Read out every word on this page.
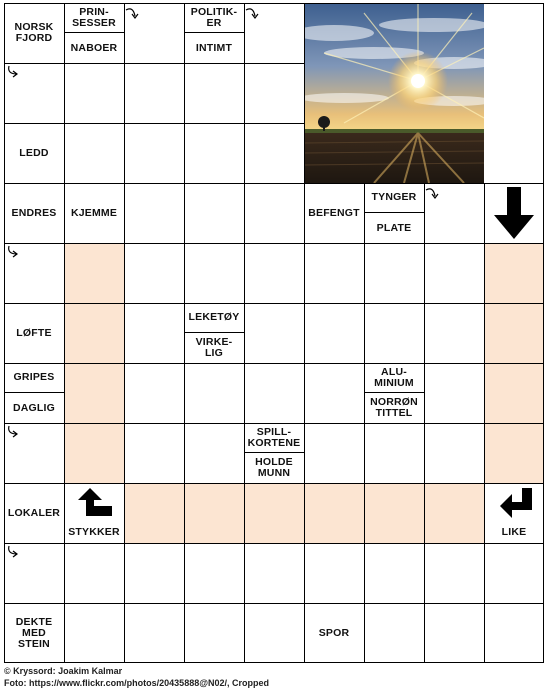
NORSK
FJORD
PRIN-
SESSER
NABOER
POLITIK-
ER
INTIMT
LEDD
ENDRES	KJEMME	BEFENGT
TYNGER
PLATE
LØFTE
LEKETØY
VIRKE-
LIG
GRIPES
DAGLIG
ALU-
MINIUM
NORRØN
TITTEL
SPILL-
KORTENE
HOLDE
MUNN
LOKALER
STYKKER	LIKE
DEKTE
MED
STEIN
SPOR
© Kryssord: Joakim Kalmar
Foto: https://www.flickr.com/photos/20435888@N02/, Cropped
